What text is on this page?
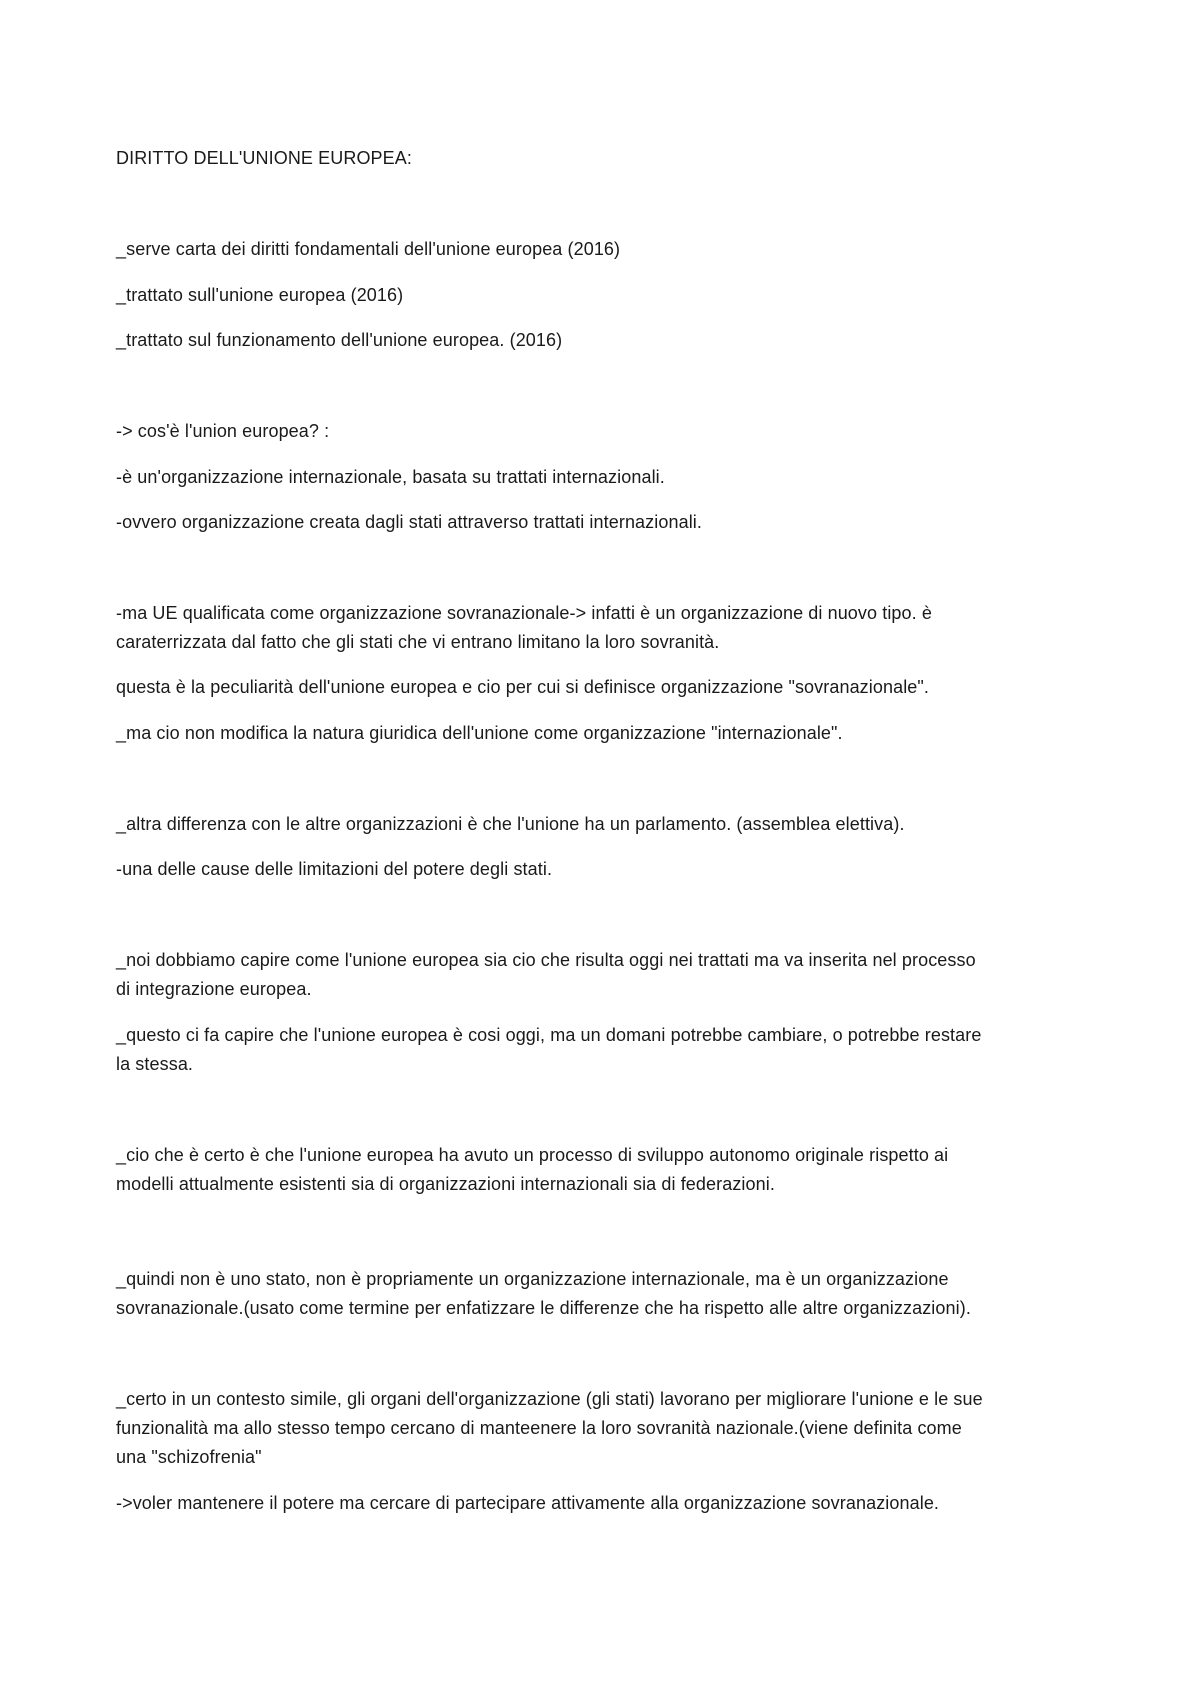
DIRITTO DELL'UNIONE EUROPEA:
_serve carta dei diritti fondamentali dell'unione europea (2016)
_trattato sull'unione europea (2016)
_trattato sul funzionamento dell'unione europea. (2016)
-> cos'è l'union europea? :
-è un'organizzazione internazionale, basata su trattati internazionali.
-ovvero organizzazione creata dagli stati attraverso trattati internazionali.
-ma UE qualificata come organizzazione sovranazionale-> infatti è un organizzazione di nuovo tipo. è
caraterrizzata dal fatto che gli stati che vi entrano limitano la loro sovranità.
questa è la peculiarità dell'unione europea e cio per cui si definisce organizzazione "sovranazionale".
_ma cio non modifica la natura giuridica dell'unione come organizzazione "internazionale".
_altra differenza con le altre organizzazioni è che l'unione ha un parlamento. (assemblea elettiva).
-una delle cause delle limitazioni del potere degli stati.
_noi dobbiamo capire come l'unione europea sia cio che risulta oggi nei trattati ma va inserita nel processo
di integrazione europea.
_questo ci fa capire che l'unione europea è cosi oggi, ma un domani potrebbe cambiare, o potrebbe restare
la stessa.
_cio che è certo è che l'unione europea ha avuto un processo di sviluppo autonomo originale rispetto ai
modelli attualmente esistenti sia di organizzazioni internazionali sia di federazioni.
_quindi non è uno stato, non è propriamente un organizzazione internazionale, ma è un organizzazione
sovranazionale.(usato come termine per enfatizzare le differenze che ha rispetto alle altre organizzazioni).
_certo in un contesto simile, gli organi dell'organizzazione (gli stati) lavorano per migliorare l'unione e le sue
funzionalità ma allo stesso tempo cercano di manteenere la loro sovranità nazionale.(viene definita come
una "schizofrenia"
->voler mantenere il potere ma cercare di partecipare attivamente alla organizzazione sovranazionale.
